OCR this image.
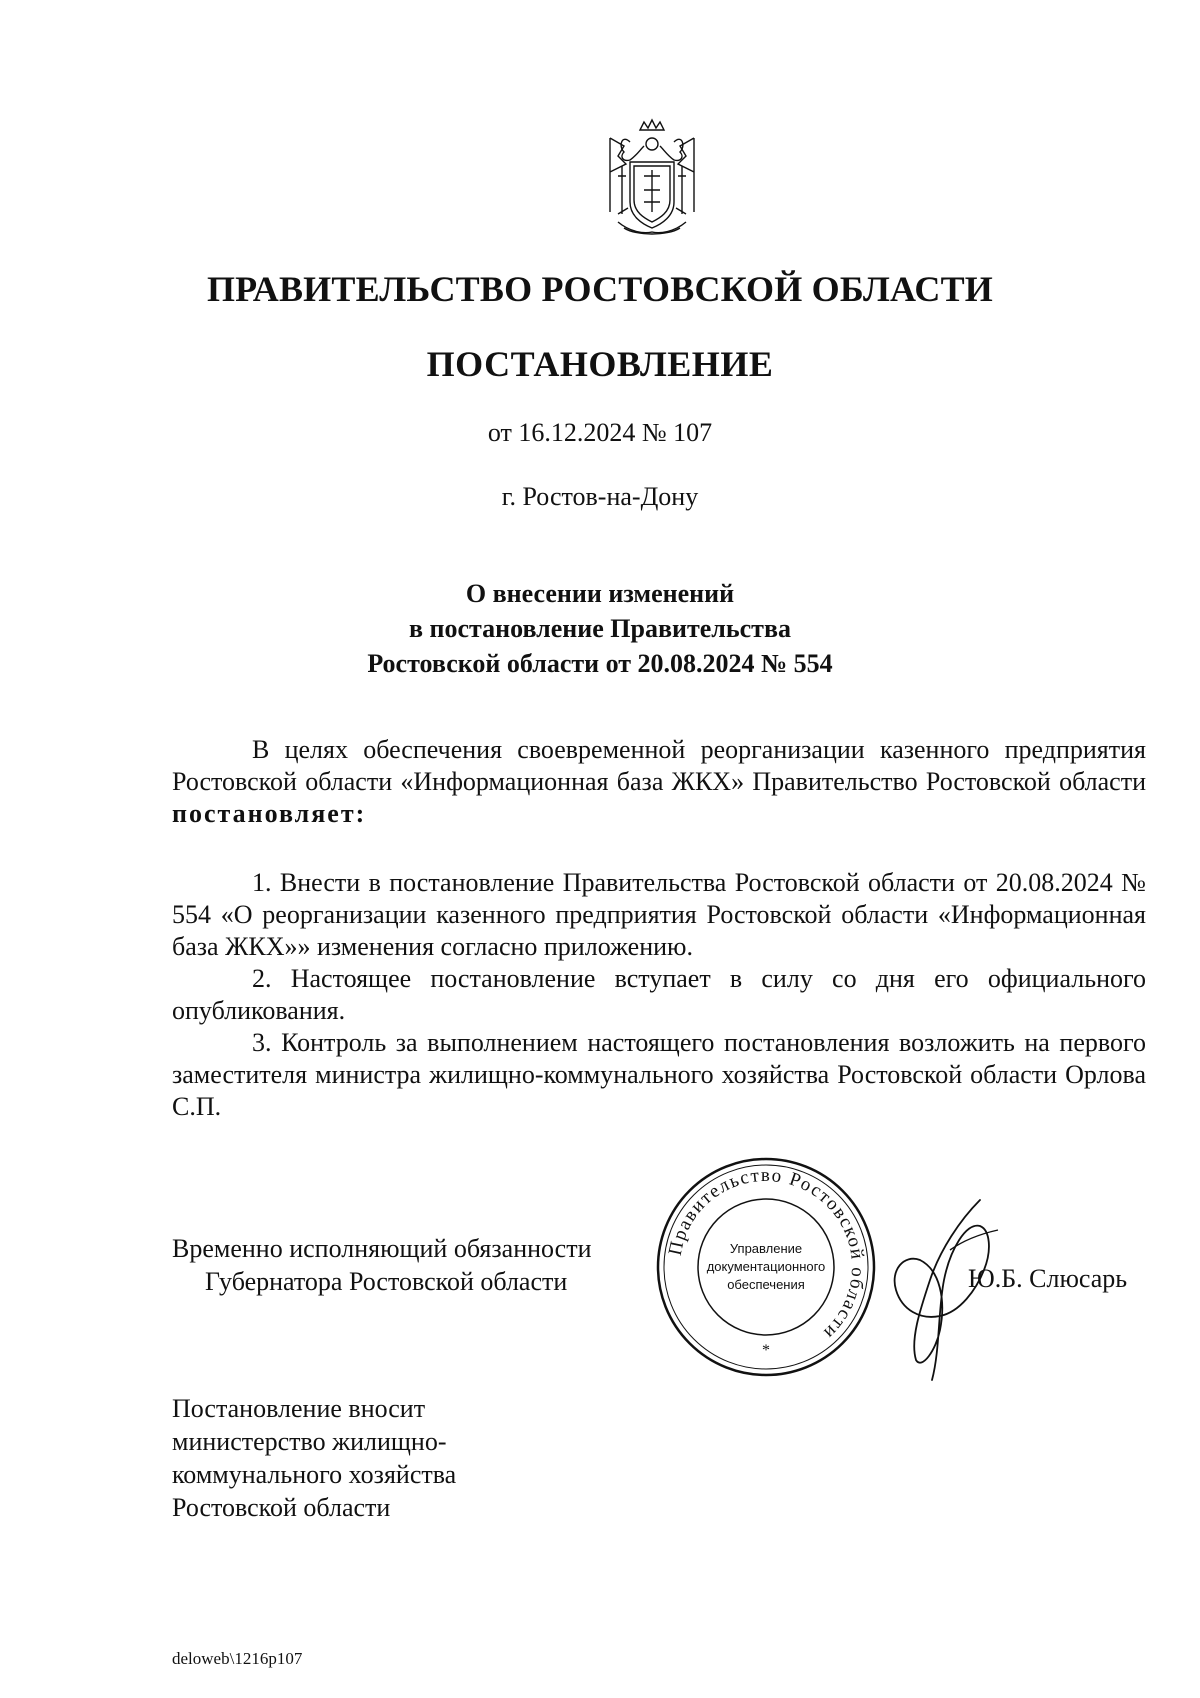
ПРАВИТЕЛЬСТВО РОСТОВСКОЙ ОБЛАСТИ
ПОСТАНОВЛЕНИЕ
от 16.12.2024 № 107
г. Ростов-на-Дону
О внесении изменений
в постановление Правительства
Ростовской области от 20.08.2024 № 554

В целях обеспечения своевременной реорганизации казенного предприятия Ростовской области «Информационная база ЖКХ» Правительство Ростовской области постановляет:

1. Внести в постановление Правительства Ростовской области от 20.08.2024 № 554 «О реорганизации казенного предприятия Ростовской области «Информационная база ЖКХ»» изменения согласно приложению.

2. Настоящее постановление вступает в силу со дня его официального опубликования.

3. Контроль за выполнением настоящего постановления возложить на первого заместителя министра жилищно-коммунального хозяйства Ростовской области Орлова С.П.

Временно исполняющий обязанности
Губернатора Ростовской области
Правительство Ростовской области
Управление
документационного
обеспечения
*
Ю.Б. Слюсарь
Постановление вносит
министерство жилищно-
коммунального хозяйства
Ростовской области
deloweb\1216p107
